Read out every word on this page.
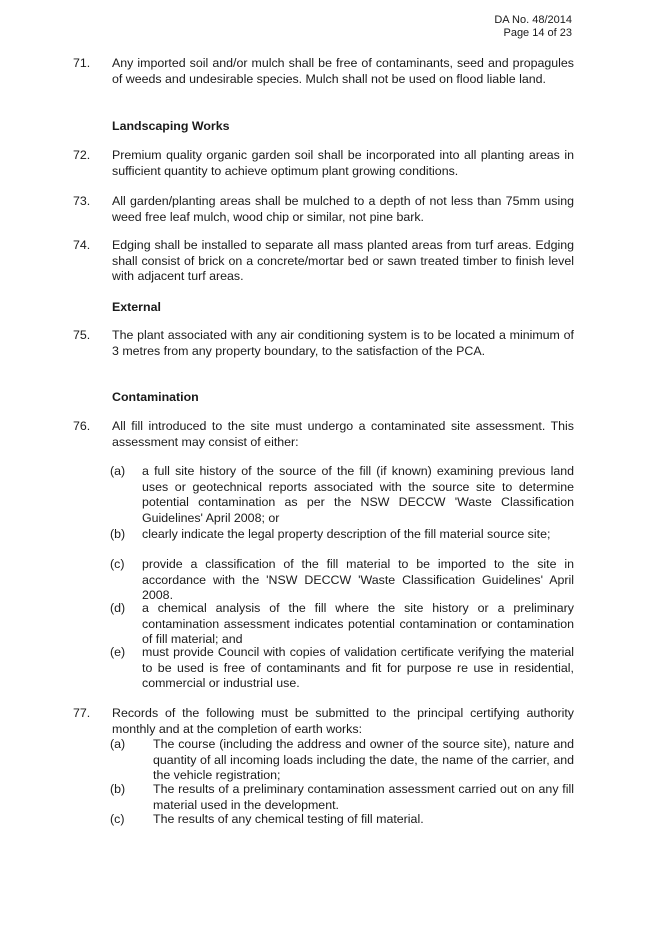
DA No. 48/2014
Page 14 of 23
71.	Any imported soil and/or mulch shall be free of contaminants, seed and propagules of weeds and undesirable species. Mulch shall not be used on flood liable land.
Landscaping Works
72.	Premium quality organic garden soil shall be incorporated into all planting areas in sufficient quantity to achieve optimum plant growing conditions.
73.	All garden/planting areas shall be mulched to a depth of not less than 75mm using weed free leaf mulch, wood chip or similar, not pine bark.
74.	Edging shall be installed to separate all mass planted areas from turf areas. Edging shall consist of brick on a concrete/mortar bed or sawn treated timber to finish level with adjacent turf areas.
External
75.	The plant associated with any air conditioning system is to be located a minimum of 3 metres from any property boundary, to the satisfaction of the PCA.
Contamination
76.	All fill introduced to the site must undergo a contaminated site assessment. This assessment may consist of either:
(a) a full site history of the source of the fill (if known) examining previous land uses or geotechnical reports associated with the source site to determine potential contamination as per the NSW DECCW 'Waste Classification Guidelines' April 2008; or
(b) clearly indicate the legal property description of the fill material source site;
(c) provide a classification of the fill material to be imported to the site in accordance with the 'NSW DECCW 'Waste Classification Guidelines' April 2008.
(d) a chemical analysis of the fill where the site history or a preliminary contamination assessment indicates potential contamination or contamination of fill material; and
(e) must provide Council with copies of validation certificate verifying the material to be used is free of contaminants and fit for purpose re use in residential, commercial or industrial use.
77.	Records of the following must be submitted to the principal certifying authority monthly and at the completion of earth works:
(a) The course (including the address and owner of the source site), nature and quantity of all incoming loads including the date, the name of the carrier, and the vehicle registration;
(b) The results of a preliminary contamination assessment carried out on any fill material used in the development.
(c) The results of any chemical testing of fill material.
